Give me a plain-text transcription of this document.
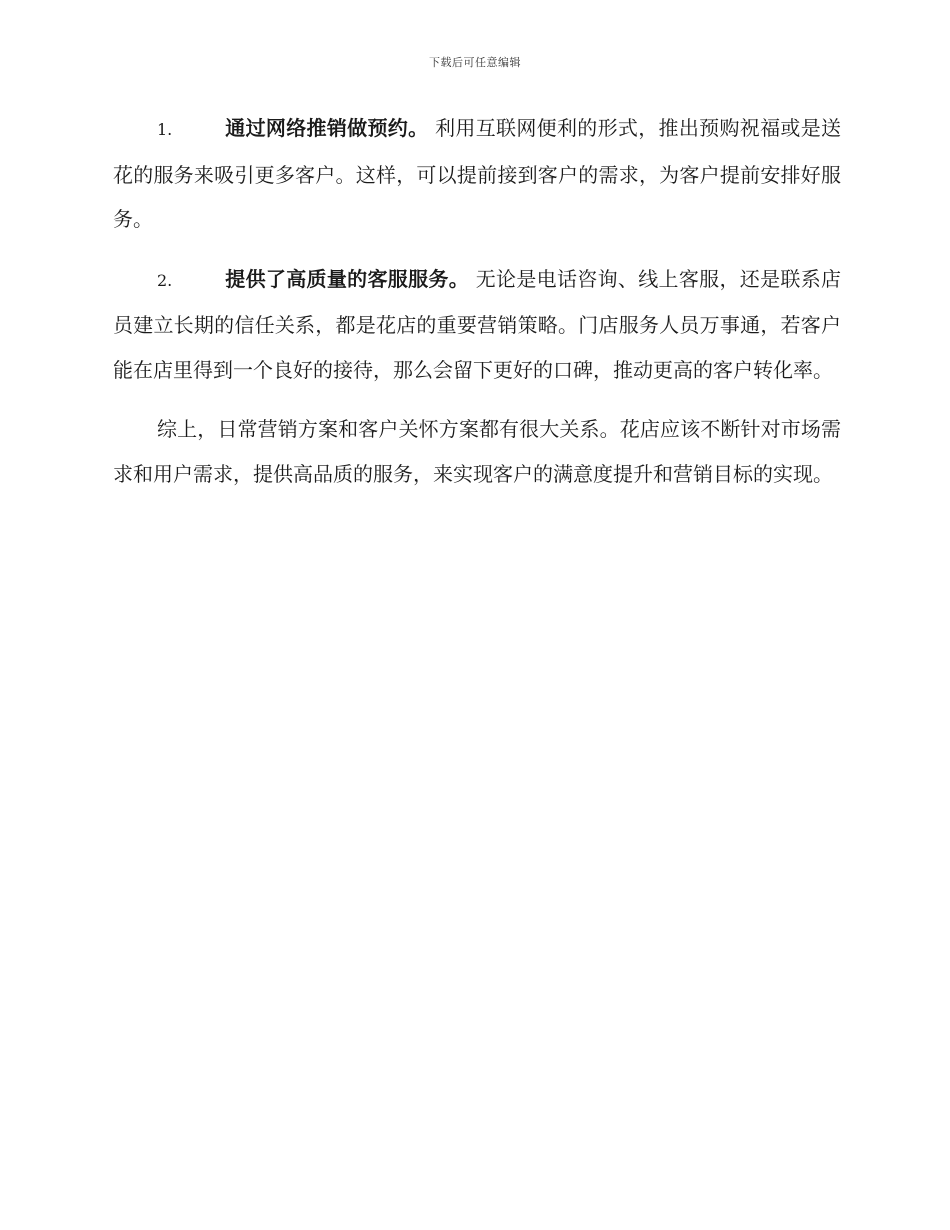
下载后可任意编辑

1.	通过网络推销做预约。 利用互联网便利的形式，推出预购祝福或是送花的服务来吸引更多客户。这样，可以提前接到客户的需求，为客户提前安排好服务。

2.	提供了高质量的客服服务。 无论是电话咨询、线上客服，还是联系店员建立长期的信任关系，都是花店的重要营销策略。门店服务人员万事通，若客户能在店里得到一个良好的接待，那么会留下更好的口碑，推动更高的客户转化率。

综上，日常营销方案和客户关怀方案都有很大关系。花店应该不断针对市场需求和用户需求，提供高品质的服务，来实现客户的满意度提升和营销目标的实现。
